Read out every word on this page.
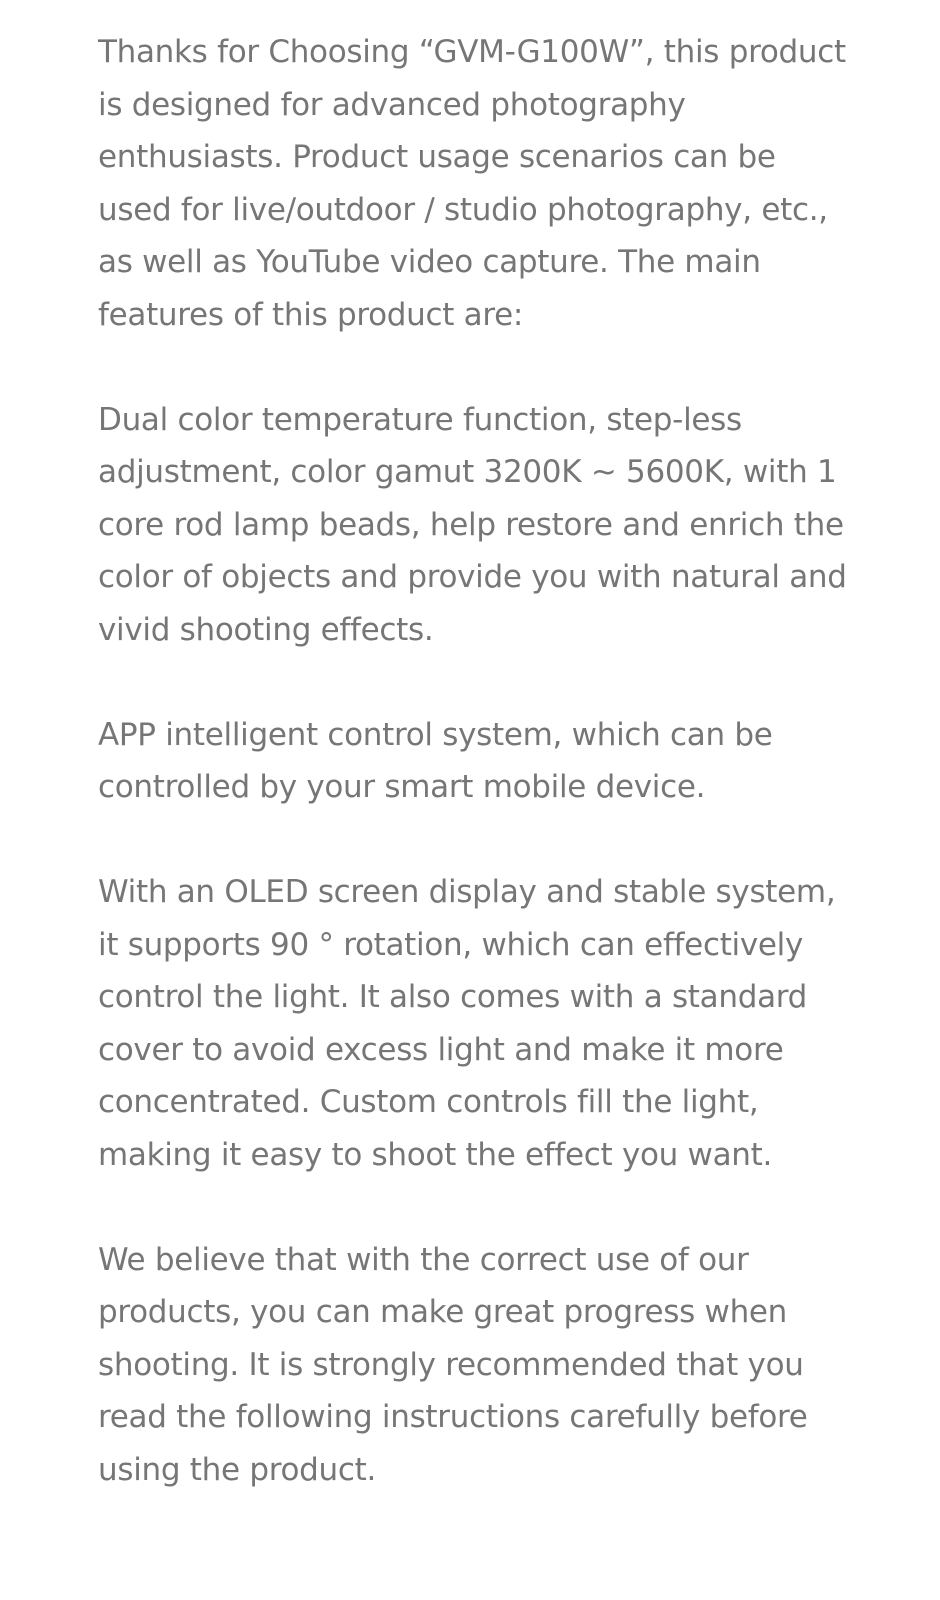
Thanks for Choosing “GVM-G100W”, this product is designed for advanced photography enthusiasts. Product usage scenarios can be used for live/outdoor / studio photography, etc., as well as YouTube video capture. The main features of this product are:

Dual color temperature function, step-less adjustment, color gamut 3200K ~ 5600K, with 1 core rod lamp beads, help restore and enrich the color of objects and provide you with natural and vivid shooting effects.

APP intelligent control system, which can be controlled by your smart mobile device.

With an OLED screen display and stable system, it supports 90 ° rotation, which can effectively control the light. It also comes with a standard cover to avoid excess light and make it more concentrated. Custom controls fill the light, making it easy to shoot the effect you want.

We believe that with the correct use of our products, you can make great progress when shooting. It is strongly recommended that you read the following instructions carefully before using the product.
